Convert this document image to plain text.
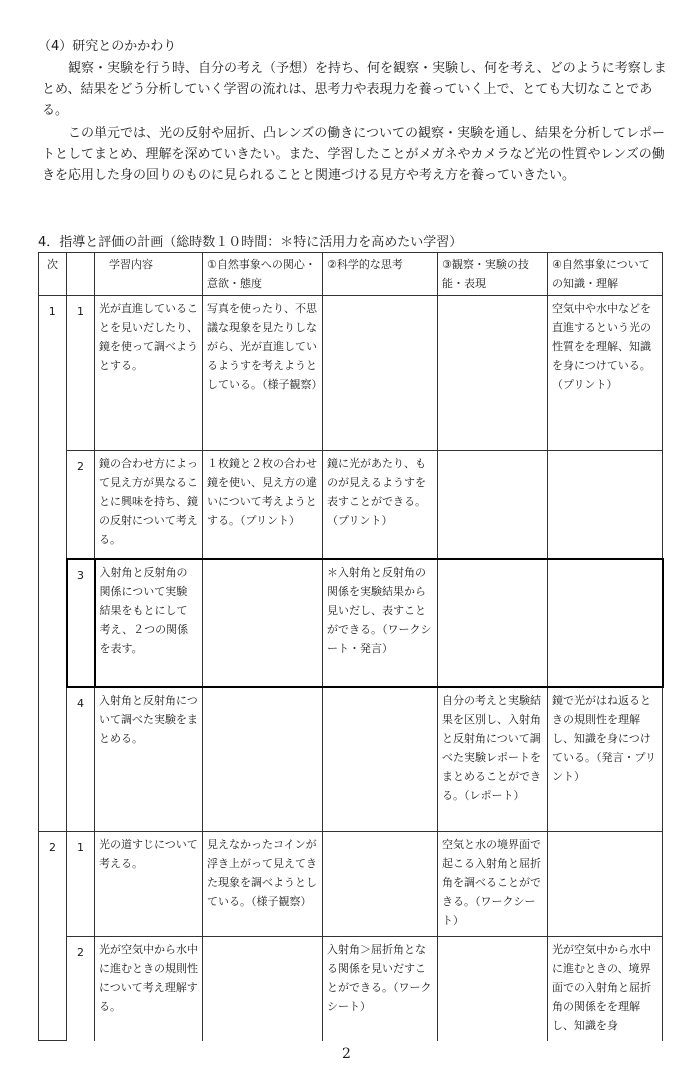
（4）研究とのかかわり

観察・実験を行う時、自分の考え（予想）を持ち、何を観察・実験し、何を考え、どのように考察しまとめ、結果をどう分析していく学習の流れは、思考力や表現力を養っていく上で、とても大切なことである。

この単元では、光の反射や屈折、凸レンズの働きについての観察・実験を通し、結果を分析してレポートとしてまとめ、理解を深めていきたい。また、学習したことがメガネやカメラなど光の性質やレンズの働きを応用した身の回りのものに見られることと関連づける見方や考え方を養っていきたい。

4．指導と評価の計画（総時数１０時間：＊特に活用力を高めたい学習）
次		学習内容	①自然事象への関心・意欲・態度	②科学的な思考	③観察・実験の技能・表現	④自然事象についての知識・理解
1	1	光が直進していることを見いだしたり、鏡を使って調べようとする。	写真を使ったり、不思議な現象を見たりしながら、光が直進しているようすを考えようとしている。（様子観察）			空気中や水中などを直進するという光の性質をを理解、知識を身につけている。（プリント）
	2	鏡の合わせ方によって見え方が異なることに興味を持ち、鏡の反射について考える。	１枚鏡と２枚の合わせ鏡を使い、見え方の違いについて考えようとする。（プリント）	鏡に光があたり、ものが見えるようすを表すことができる。（プリント）		
	3	入射角と反射角の関係について実験結果をもとにして考え、２つの関係を表す。		＊入射角と反射角の関係を実験結果から見いだし、表すことができる。（ワークシート・発言）		
	4	入射角と反射角について調べた実験をまとめる。			自分の考えと実験結果を区別し、入射角と反射角について調べた実験レポートをまとめることができる。（レポート）	鏡で光がはね返るときの規則性を理解し、知識を身につけている。（発言・プリント）
2	1	光の道すじについて考える。	見えなかったコインが浮き上がって見えてきた現象を調べようとしている。（様子観察）		空気と水の境界面で起こる入射角と屈折角を調べることができる。（ワークシート）	
	2	光が空気中から水中に進むときの規則性について考え理解する。		入射角＞屈折角となる関係を見いだすことができる。（ワークシート）		光が空気中から水中に進むときの、境界面での入射角と屈折角の関係をを理解し、知識を身
2
